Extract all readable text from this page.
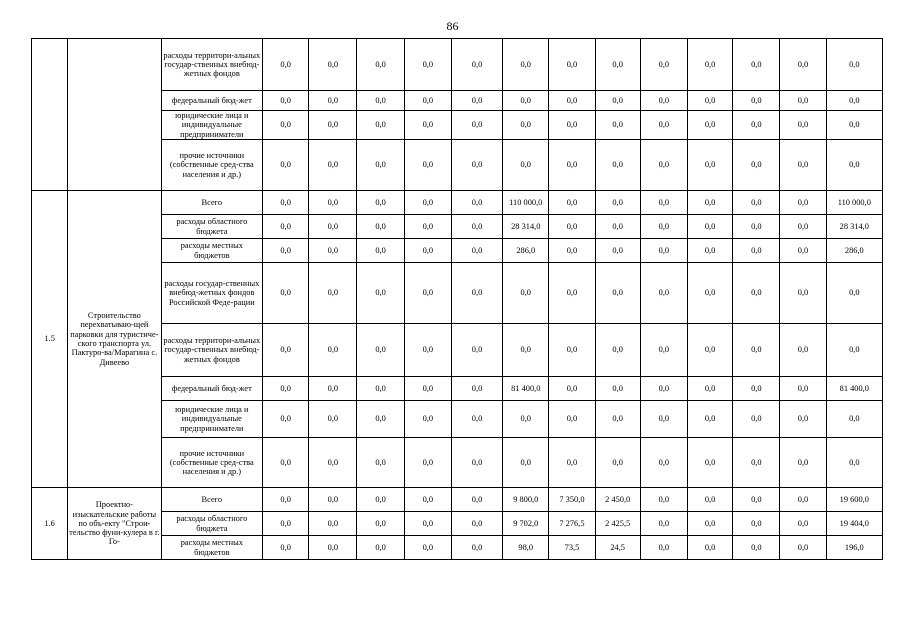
86
		расходы территори-альных государ-ственных внебюд-жетных фондов	0,0	0,0	0,0	0,0	0,0	0,0	0,0	0,0	0,0	0,0	0,0	0,0	0,0
		федеральный бюд-жет	0,0	0,0	0,0	0,0	0,0	0,0	0,0	0,0	0,0	0,0	0,0	0,0	0,0
		юридические лица и индивидуальные предприниматели	0,0	0,0	0,0	0,0	0,0	0,0	0,0	0,0	0,0	0,0	0,0	0,0	0,0
		прочие источники (собственные сред-ства населения и др.)	0,0	0,0	0,0	0,0	0,0	0,0	0,0	0,0	0,0	0,0	0,0	0,0	0,0
1.5	Строительство перехватываю-щей парковки для туристиче-ского транспорта ул. Пактуро-ва/Марагина с. Дивеево	Всего	0,0	0,0	0,0	0,0	0,0	110 000,0	0,0	0,0	0,0	0,0	0,0	0,0	110 000,0
		расходы областного бюджета	0,0	0,0	0,0	0,0	0,0	28 314,0	0,0	0,0	0,0	0,0	0,0	0,0	28 314,0
		расходы местных бюджетов	0,0	0,0	0,0	0,0	0,0	286,0	0,0	0,0	0,0	0,0	0,0	0,0	286,0
		расходы государ-ственных внебюд-жетных фондов Российской Феде-рации	0,0	0,0	0,0	0,0	0,0	0,0	0,0	0,0	0,0	0,0	0,0	0,0	0,0
		расходы территори-альных государ-ственных внебюд-жетных фондов	0,0	0,0	0,0	0,0	0,0	0,0	0,0	0,0	0,0	0,0	0,0	0,0	0,0
		федеральный бюд-жет	0,0	0,0	0,0	0,0	0,0	81 400,0	0,0	0,0	0,0	0,0	0,0	0,0	81 400,0
		юридические лица и индивидуальные предприниматели	0,0	0,0	0,0	0,0	0,0	0,0	0,0	0,0	0,0	0,0	0,0	0,0	0,0
		прочие источники (собственные сред-ства населения и др.)	0,0	0,0	0,0	0,0	0,0	0,0	0,0	0,0	0,0	0,0	0,0	0,0	0,0
1.6	Проектно-изыскательские работы по объ-екту "Строи-тельство фуни-кулера в г. Го-	Всего	0,0	0,0	0,0	0,0	0,0	9 800,0	7 350,0	2 450,0	0,0	0,0	0,0	0,0	19 600,0
		расходы областного бюджета	0,0	0,0	0,0	0,0	0,0	9 702,0	7 276,5	2 425,5	0,0	0,0	0,0	0,0	19 404,0
		расходы местных бюджетов	0,0	0,0	0,0	0,0	0,0	98,0	73,5	24,5	0,0	0,0	0,0	0,0	196,0
